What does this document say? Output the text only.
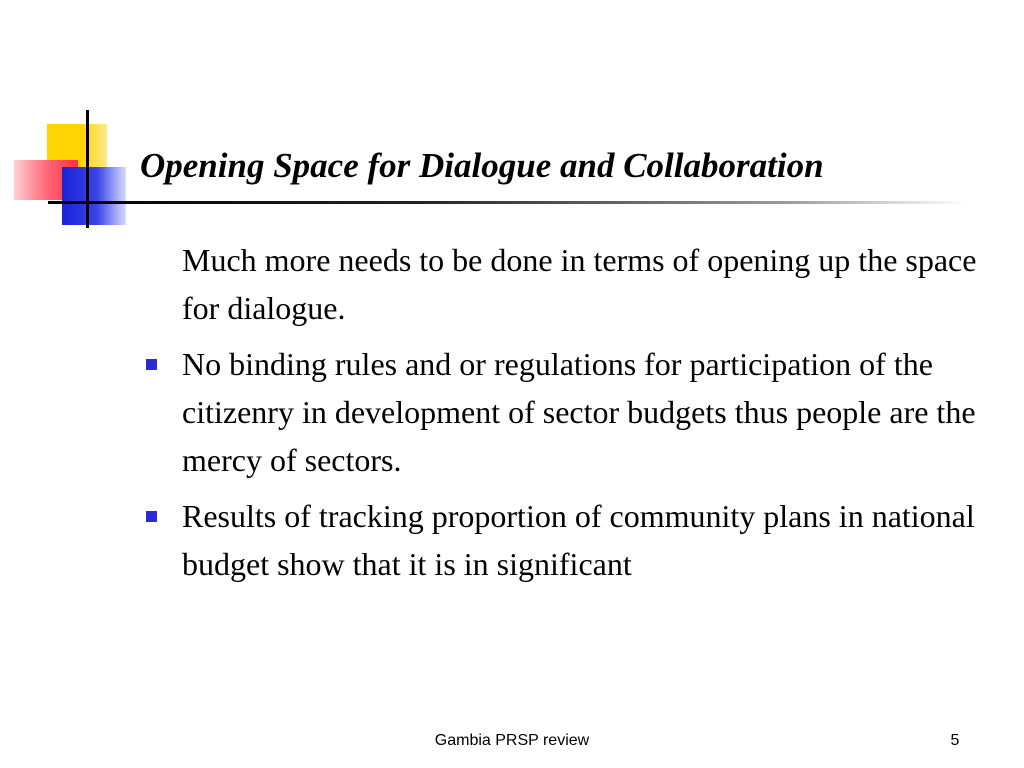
Opening Space for Dialogue and Collaboration
Much more needs to be done in terms of opening up the space for dialogue.
No binding rules and or regulations for participation of the citizenry in development of sector budgets thus people are the mercy of sectors.
Results of tracking proportion of community plans in national budget show that it is in significant
Gambia PRSP review	5
